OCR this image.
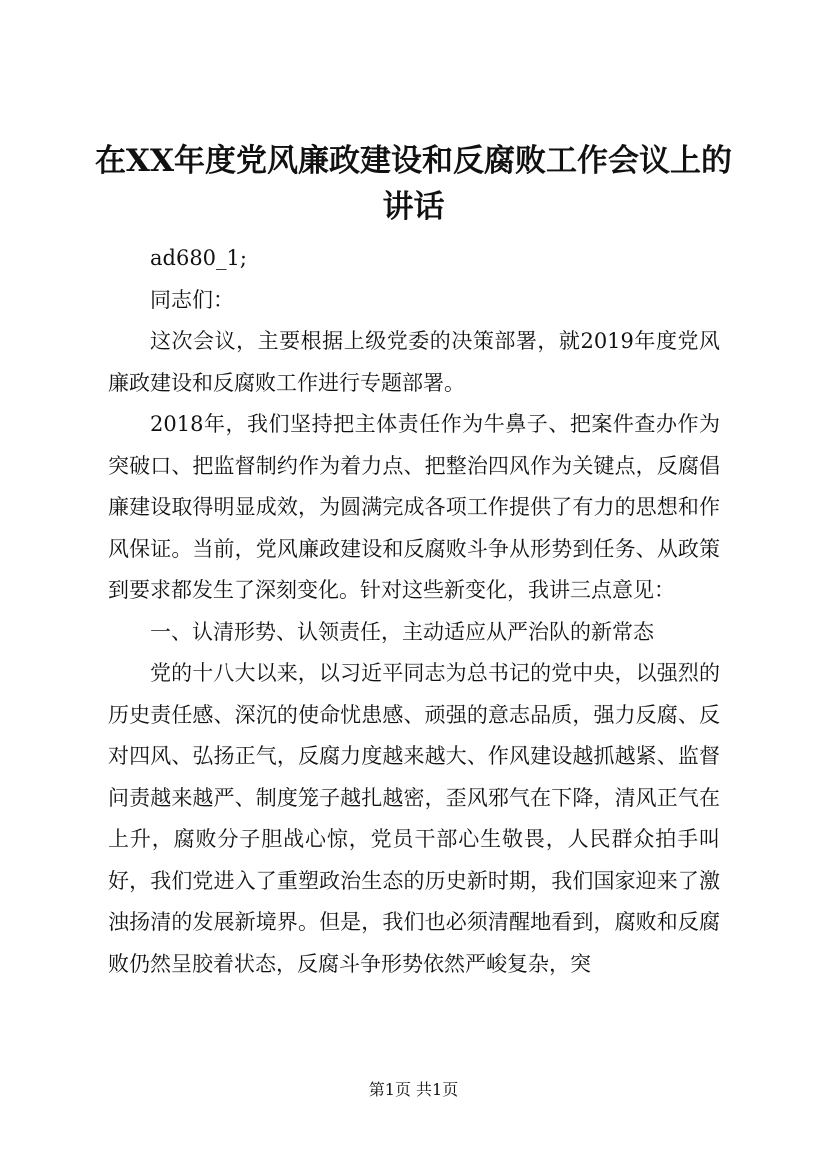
在XX年度党风廉政建设和反腐败工作会议上的讲话

ad680_1;

同志们：

这次会议，主要根据上级党委的决策部署，就2019年度党风廉政建设和反腐败工作进行专题部署。

2018年，我们坚持把主体责任作为牛鼻子、把案件查办作为突破口、把监督制约作为着力点、把整治四风作为关键点，反腐倡廉建设取得明显成效，为圆满完成各项工作提供了有力的思想和作风保证。当前，党风廉政建设和反腐败斗争从形势到任务、从政策到要求都发生了深刻变化。针对这些新变化，我讲三点意见：

一、认清形势、认领责任，主动适应从严治队的新常态

党的十八大以来，以习近平同志为总书记的党中央，以强烈的历史责任感、深沉的使命忧患感、顽强的意志品质，强力反腐、反对四风、弘扬正气，反腐力度越来越大、作风建设越抓越紧、监督问责越来越严、制度笼子越扎越密，歪风邪气在下降，清风正气在上升，腐败分子胆战心惊，党员干部心生敬畏，人民群众拍手叫好，我们党进入了重塑政治生态的历史新时期，我们国家迎来了激浊扬清的发展新境界。但是，我们也必须清醒地看到，腐败和反腐败仍然呈胶着状态，反腐斗争形势依然严峻复杂，突

第1页 共1页
